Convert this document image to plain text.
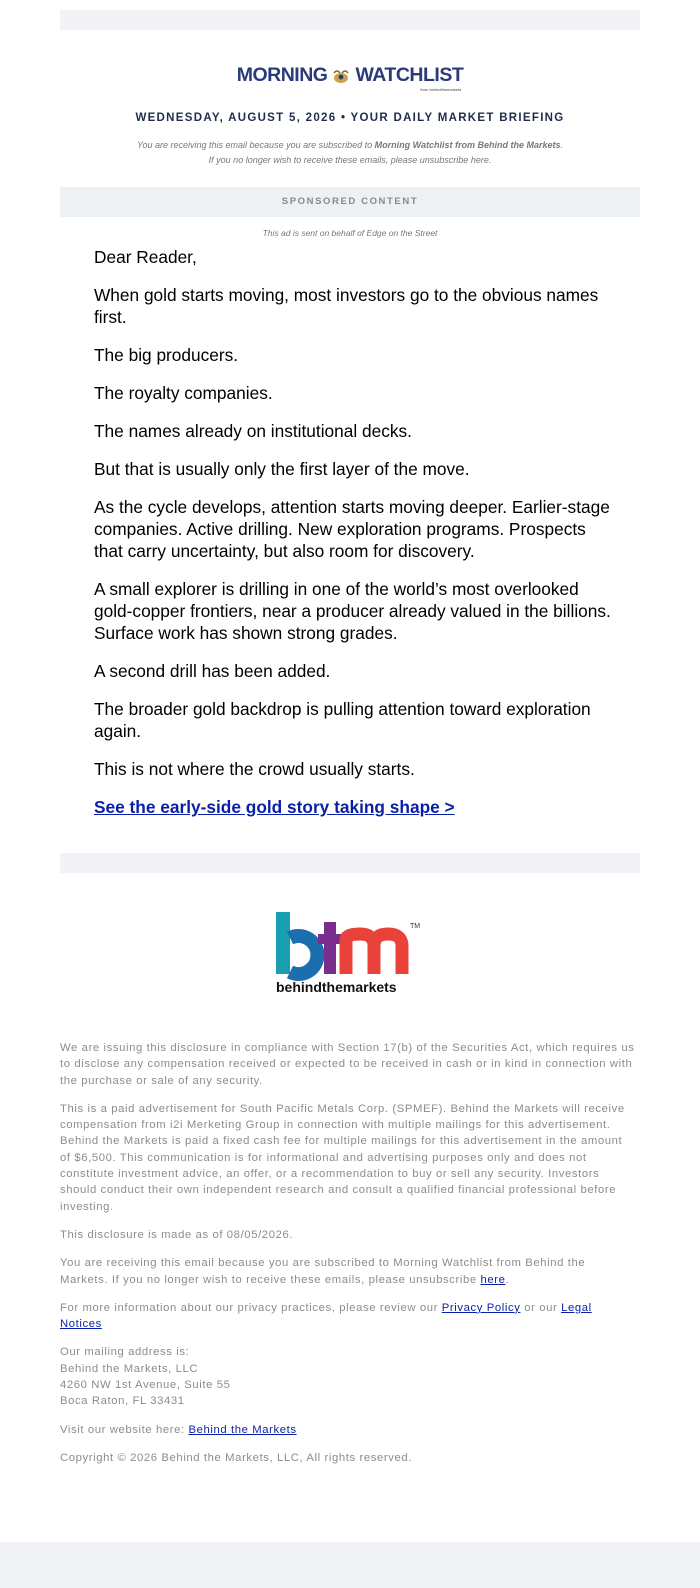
MORNING WATCHLIST
from behindthemarkets
WEDNESDAY, AUGUST 5, 2026 • YOUR DAILY MARKET BRIEFING
You are receiving this email because you are subscribed to Morning Watchlist from Behind the Markets.
If you no longer wish to receive these emails, please unsubscribe here.
SPONSORED CONTENT
This ad is sent on behalf of Edge on the Street

Dear Reader,

When gold starts moving, most investors go to the obvious names first.

The big producers.

The royalty companies.

The names already on institutional decks.

But that is usually only the first layer of the move.

As the cycle develops, attention starts moving deeper. Earlier-stage companies. Active drilling. New exploration programs. Prospects that carry uncertainty, but also room for discovery.

A small explorer is drilling in one of the world’s most overlooked gold-copper frontiers, near a producer already valued in the billions. Surface work has shown strong grades.

A second drill has been added.

The broader gold backdrop is pulling attention toward exploration again.

This is not where the crowd usually starts.

See the early-side gold story taking shape >

TM
behindthemarkets

We are issuing this disclosure in compliance with Section 17(b) of the Securities Act, which requires us to disclose any compensation received or expected to be received in cash or in kind in connection with the purchase or sale of any security.

This is a paid advertisement for South Pacific Metals Corp. (SPMEF). Behind the Markets will receive compensation from i2i Merketing Group in connection with multiple mailings for this advertisement. Behind the Markets is paid a fixed cash fee for multiple mailings for this advertisement in the amount of $6,500. This communication is for informational and advertising purposes only and does not constitute investment advice, an offer, or a recommendation to buy or sell any security. Investors should conduct their own independent research and consult a qualified financial professional before investing.

This disclosure is made as of 08/05/2026.

You are receiving this email because you are subscribed to Morning Watchlist from Behind the Markets. If you no longer wish to receive these emails, please unsubscribe here.

For more information about our privacy practices, please review our Privacy Policy or our Legal Notices

Our mailing address is:
Behind the Markets, LLC
4260 NW 1st Avenue, Suite 55
Boca Raton, FL 33431

Visit our website here: Behind the Markets

Copyright © 2026 Behind the Markets, LLC, All rights reserved.
